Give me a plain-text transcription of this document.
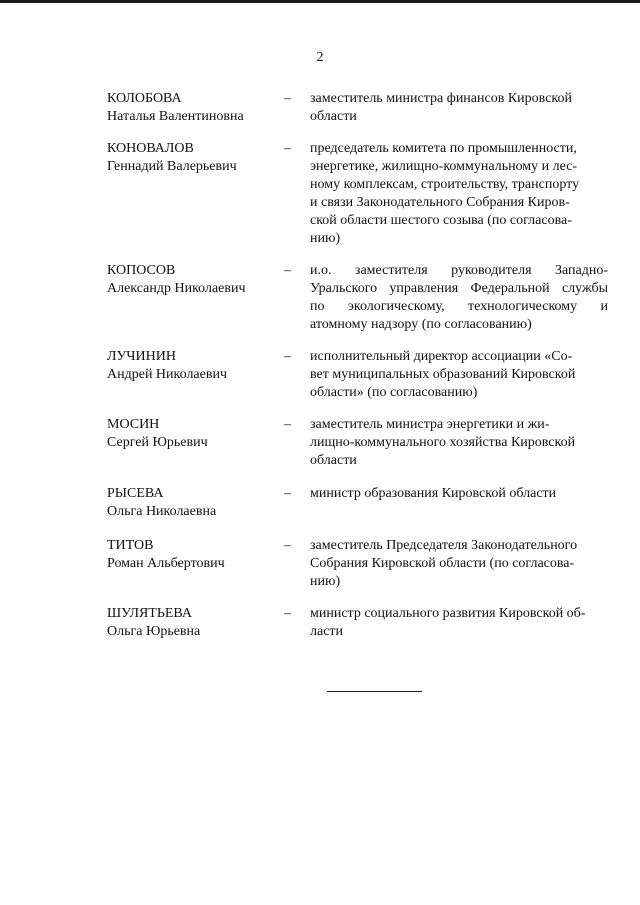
2
КОЛОБОВА
Наталья Валентиновна
–	заместитель министра финансов Кировской
области
КОНОВАЛОВ
Геннадий Валерьевич
–	председатель комитета по промышленности,
энергетике, жилищно-коммунальному и лес-
ному комплексам, строительству, транспорту
и связи Законодательного Собрания Киров-
ской области шестого созыва (по согласова-
нию)
КОПОСОВ
Александр Николаевич
–	и.о. заместителя руководителя Западно-
Уральского управления Федеральной службы
по экологическому, технологическому и
атомному надзору (по согласованию)
ЛУЧИНИН
Андрей Николаевич
–	исполнительный директор ассоциации «Со-
вет муниципальных образований Кировской
области» (по согласованию)
МОСИН
Сергей Юрьевич
–	заместитель министра энергетики и жи-
лищно-коммунального хозяйства Кировской
области
РЫСЕВА
Ольга Николаевна
–	министр образования Кировской области
ТИТОВ
Роман Альбертович
–	заместитель Председателя Законодательного
Собрания Кировской области (по согласова-
нию)
ШУЛЯТЬЕВА
Ольга Юрьевна
–	министр социального развития Кировской об-
ласти
